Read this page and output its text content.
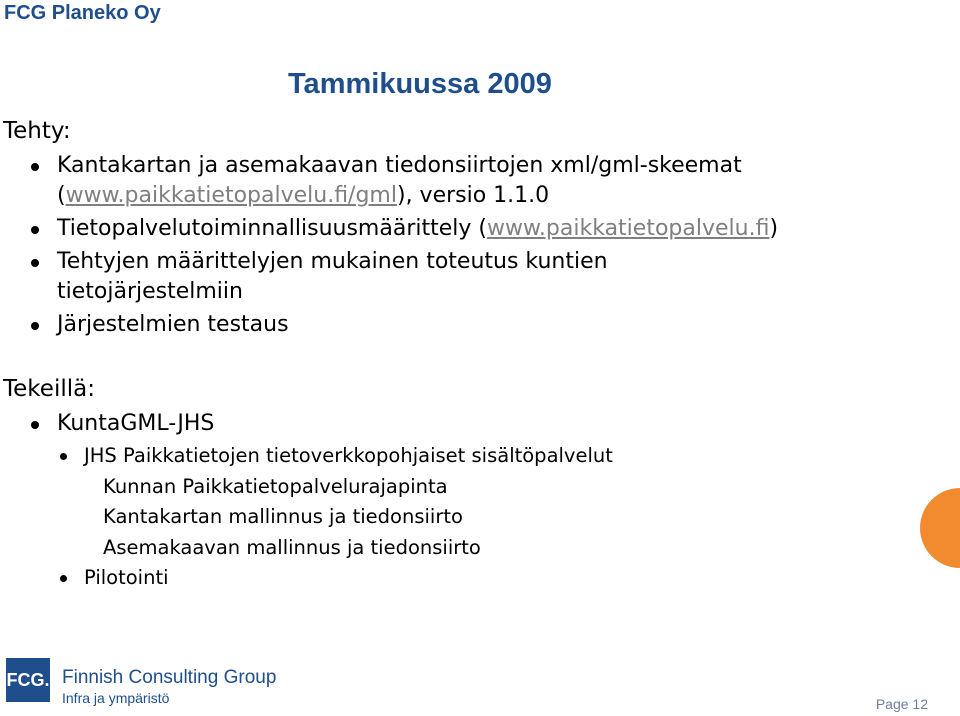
FCG Planeko Oy
Tammikuussa 2009
Tehty:
Kantakartan ja asemakaavan tiedonsiirtojen xml/gml-skeemat
(www.paikkatietopalvelu.fi/gml), versio 1.1.0
Tietopalvelutoiminnallisuusmäärittely (www.paikkatietopalvelu.fi)
Tehtyjen määrittelyjen mukainen toteutus kuntien tietojärjestelmiin
Järjestelmien testaus
Tekeillä:
KuntaGML-JHS
JHS Paikkatietojen tietoverkkopohjaiset sisältöpalvelut
Kunnan Paikkatietopalvelurajapinta
Kantakartan mallinnus ja tiedonsiirto
Asemakaavan mallinnus ja tiedonsiirto
Pilotointi
FCG. Finnish Consulting Group
Infra ja ympäristö	Page 12
